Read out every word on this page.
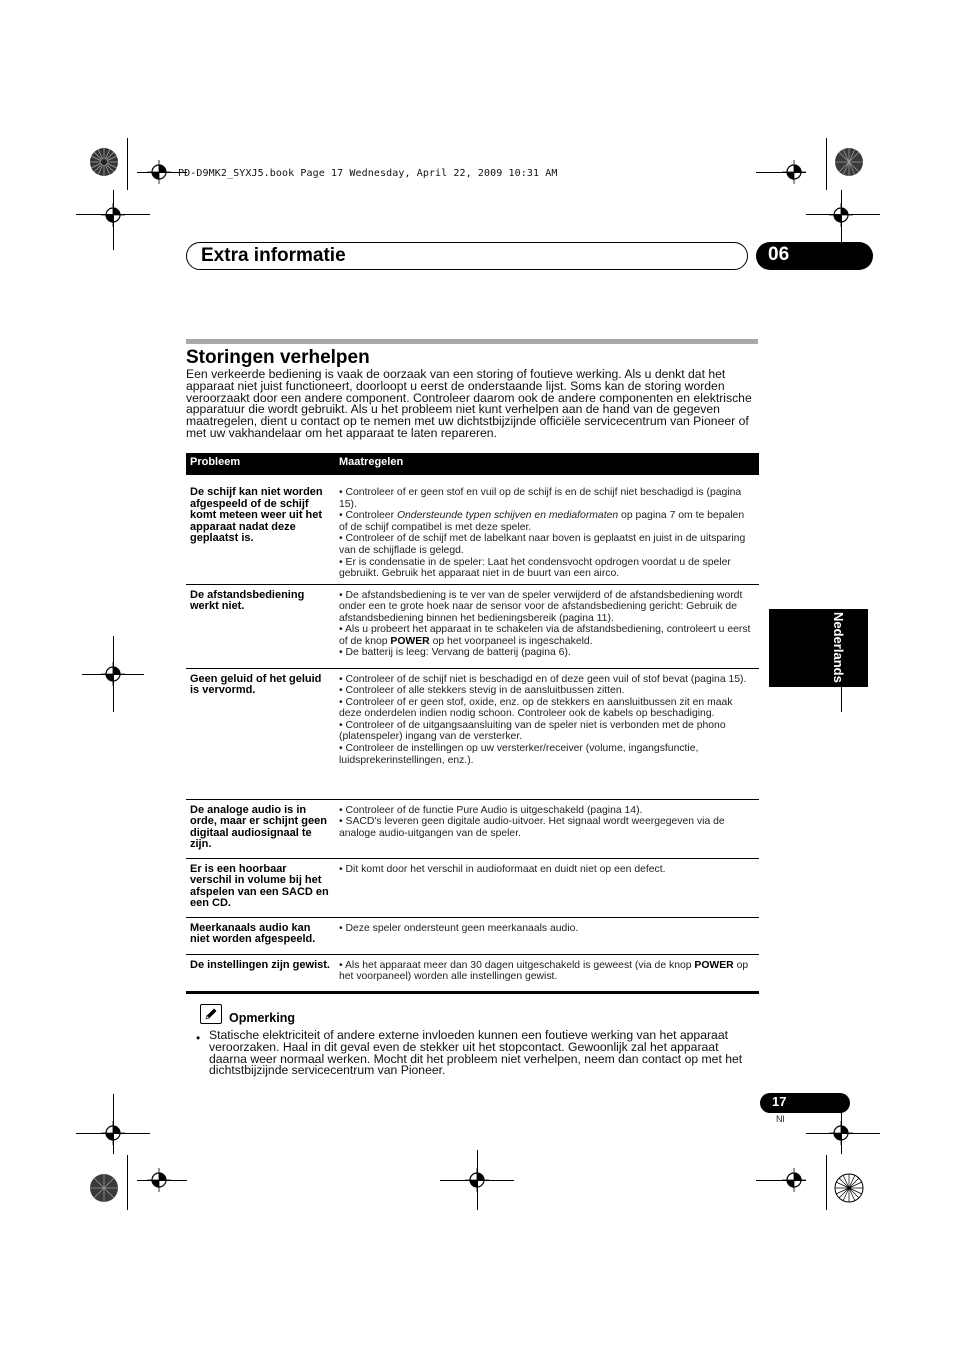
PD-D9MK2_SYXJ5.book Page 17 Wednesday, April 22, 2009 10:31 AM
Extra informatie	06
Nederlands
Storingen verhelpen
Een verkeerde bediening is vaak de oorzaak van een storing of foutieve werking. Als u denkt dat het apparaat niet juist functioneert, doorloopt u eerst de onderstaande lijst. Soms kan de storing worden veroorzaakt door een andere component. Controleer daarom ook de andere componenten en elektrische apparatuur die wordt gebruikt. Als u het probleem niet kunt verhelpen aan de hand van de gegeven maatregelen, dient u contact op te nemen met uw dichtstbijzijnde officiële servicecentrum van Pioneer of met uw vakhandelaar om het apparaat te laten repareren.
Probleem	Maatregelen
De schijf kan niet worden afgespeeld of de schijf komt meteen weer uit het apparaat nadat deze geplaatst is.	• Controleer of er geen stof en vuil op de schijf is en de schijf niet beschadigd is (pagina 15).
• Controleer Ondersteunde typen schijven en mediaformaten op pagina 7 om te bepalen of de schijf compatibel is met deze speler.
• Controleer of de schijf met de labelkant naar boven is geplaatst en juist in de uitsparing van de schijflade is gelegd.
• Er is condensatie in de speler: Laat het condensvocht opdrogen voordat u de speler gebruikt. Gebruik het apparaat niet in de buurt van een airco.

De afstandsbediening werkt niet.	• De afstandsbediening is te ver van de speler verwijderd of de afstandsbediening wordt onder een te grote hoek naar de sensor voor de afstandsbediening gericht: Gebruik de afstandsbediening binnen het bedieningsbereik (pagina 11).
• Als u probeert het apparaat in te schakelen via de afstandsbediening, controleert u eerst of de knop POWER op het voorpaneel is ingeschakeld.
• De batterij is leeg: Vervang de batterij (pagina 6).

Geen geluid of het geluid is vervormd.	• Controleer of de schijf niet is beschadigd en of deze geen vuil of stof bevat (pagina 15).
• Controleer of alle stekkers stevig in de aansluitbussen zitten.
• Controleer of er geen stof, oxide, enz. op de stekkers en aansluitbussen zit en maak deze onderdelen indien nodig schoon. Controleer ook de kabels op beschadiging.
• Controleer of de uitgangsaansluiting van de speler niet is verbonden met de phono (platenspeler) ingang van de versterker.
• Controleer de instellingen op uw versterker/receiver (volume, ingangsfunctie, luidsprekerinstellingen, enz.).

De analoge audio is in orde, maar er schijnt geen digitaal audiosignaal te zijn.	• Controleer of de functie Pure Audio is uitgeschakeld (pagina 14).
• SACD's leveren geen digitale audio-uitvoer. Het signaal wordt weergegeven via de analoge audio-uitgangen van de speler.

Er is een hoorbaar verschil in volume bij het afspelen van een SACD en een CD.	• Dit komt door het verschil in audioformaat en duidt niet op een defect.

Meerkanaals audio kan niet worden afgespeeld.	• Deze speler ondersteunt geen meerkanaals audio.

De instellingen zijn gewist.	• Als het apparaat meer dan 30 dagen uitgeschakeld is geweest (via de knop POWER op het voorpaneel) worden alle instellingen gewist.
Opmerking
• Statische elektriciteit of andere externe invloeden kunnen een foutieve werking van het apparaat veroorzaken. Haal in dit geval even de stekker uit het stopcontact. Gewoonlijk zal het apparaat daarna weer normaal werken. Mocht dit het probleem niet verhelpen, neem dan contact op met het dichtstbijzijnde servicecentrum van Pioneer.
17
Nl
